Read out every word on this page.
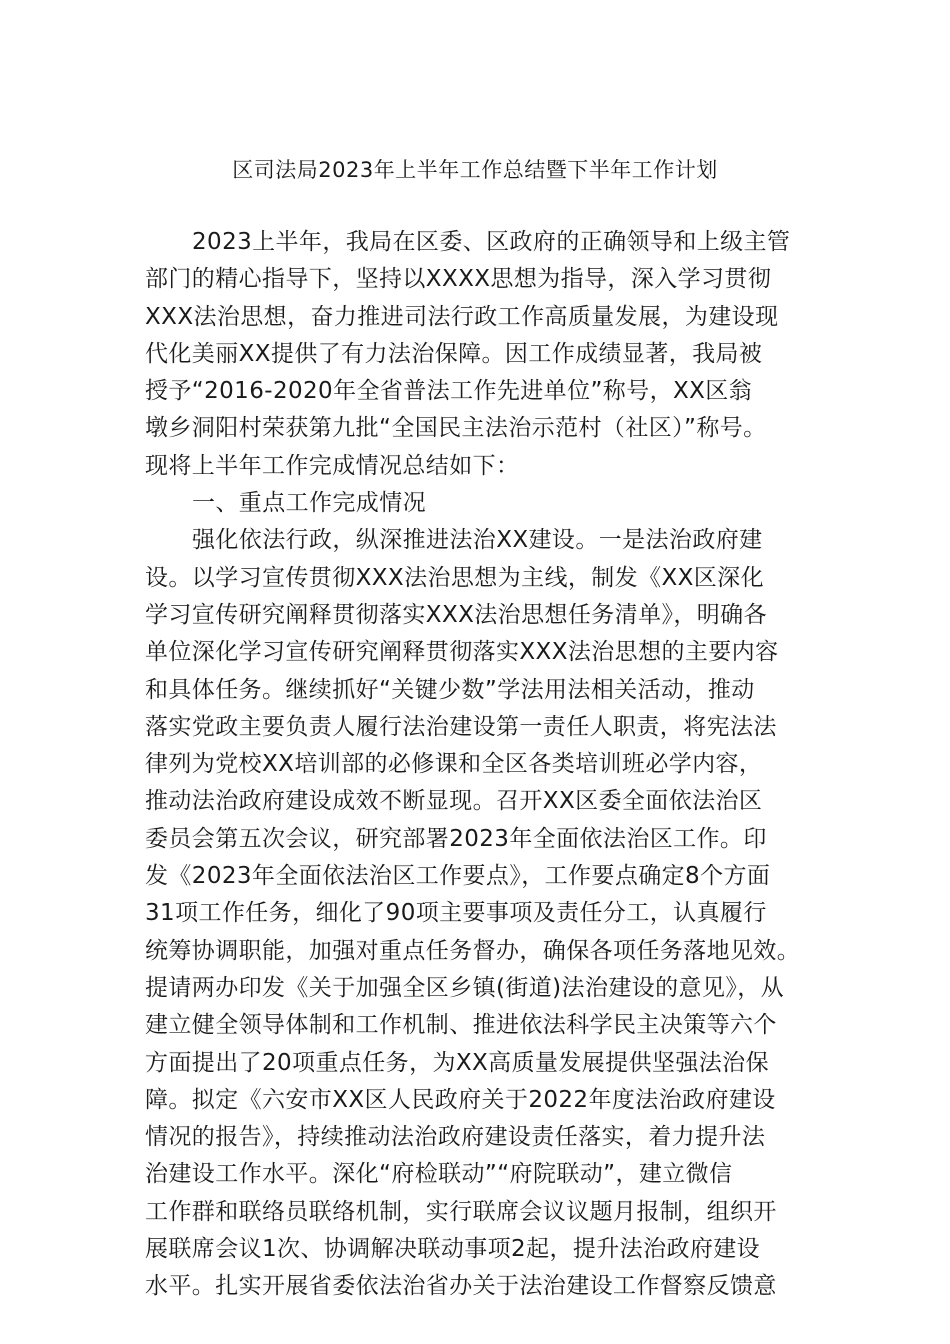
区司法局2023年上半年工作总结暨下半年工作计划
2023上半年，我局在区委、区政府的正确领导和上级主管
部门的精心指导下，坚持以XXXX思想为指导，深入学习贯彻
XXX法治思想，奋力推进司法行政工作高质量发展，为建设现
代化美丽XX提供了有力法治保障。因工作成绩显著，我局被
授予“2016-2020年全省普法工作先进单位”称号，XX区翁
墩乡洞阳村荣获第九批“全国民主法治示范村（社区）”称号。
现将上半年工作完成情况总结如下：
一、重点工作完成情况
强化依法行政，纵深推进法治XX建设。一是法治政府建
设。以学习宣传贯彻XXX法治思想为主线，制发《XX区深化
学习宣传研究阐释贯彻落实XXX法治思想任务清单》，明确各
单位深化学习宣传研究阐释贯彻落实XXX法治思想的主要内容
和具体任务。继续抓好“关键少数”学法用法相关活动，推动
落实党政主要负责人履行法治建设第一责任人职责，将宪法法
律列为党校XX培训部的必修课和全区各类培训班必学内容，
推动法治政府建设成效不断显现。召开XX区委全面依法治区
委员会第五次会议，研究部署2023年全面依法治区工作。印
发《2023年全面依法治区工作要点》，工作要点确定8个方面
31项工作任务，细化了90项主要事项及责任分工，认真履行
统筹协调职能，加强对重点任务督办，确保各项任务落地见效。
提请两办印发《关于加强全区乡镇(街道)法治建设的意见》，从
建立健全领导体制和工作机制、推进依法科学民主决策等六个
方面提出了20项重点任务，为XX高质量发展提供坚强法治保
障。拟定《六安市XX区人民政府关于2022年度法治政府建设
情况的报告》，持续推动法治政府建设责任落实，着力提升法
治建设工作水平。深化“府检联动”“府院联动”，建立微信
工作群和联络员联络机制，实行联席会议议题月报制，组织开
展联席会议1次、协调解决联动事项2起，提升法治政府建设
水平。扎实开展省委依法治省办关于法治建设工作督察反馈意
